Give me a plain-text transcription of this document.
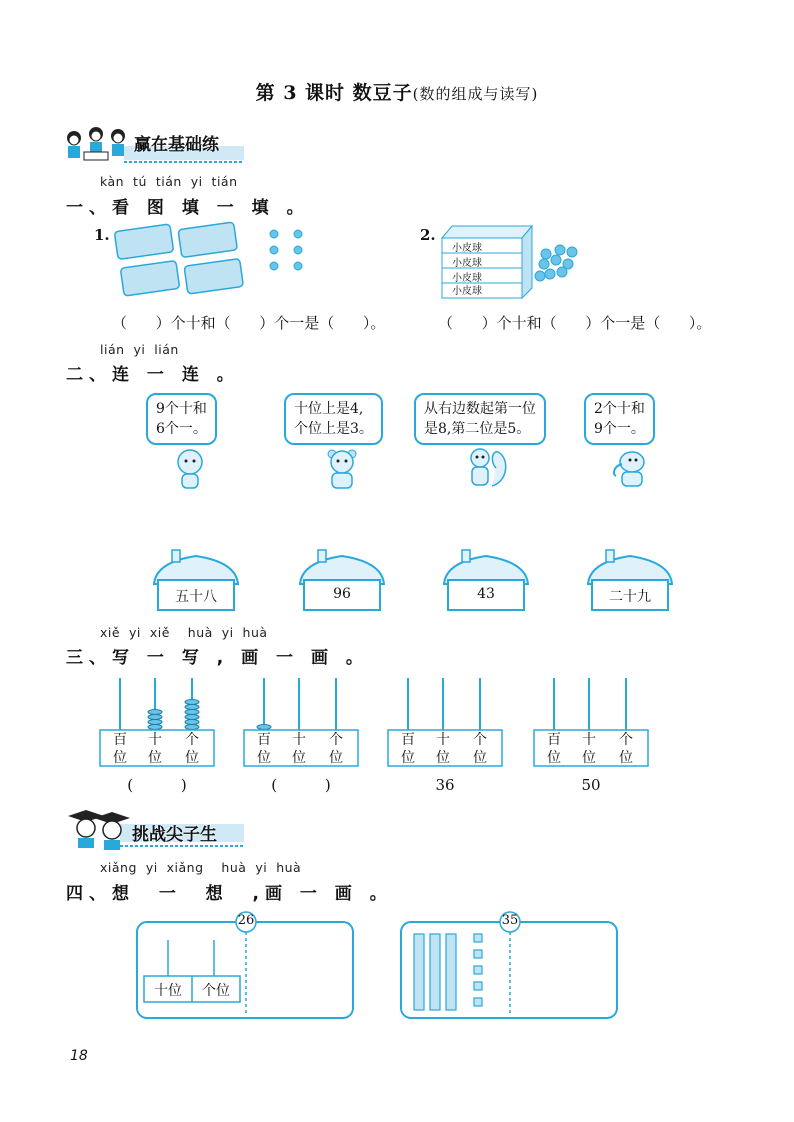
第 3 课时 数豆子(数的组成与读写)
赢在基础练
kàn  tú  tián  yi  tián
一、看 图 填 一 填 。
1.	2.
小皮球
小皮球
小皮球
小皮球
（      ）个十和（      ）个一是（      ）。	（      ）个十和（      ）个一是（      ）。
lián  yi  lián
二、连 一 连 。
9个十和
6个一。
十位上是4,
个位上是3。
从右边数起第一位
是8,第二位是5。
2个十和
9个一。
五十八	96	43	二十九
xiě  yi  xiě    huà  yi  huà
三、写 一 写 , 画 一 画 。
百
位
十
位
个
位
(          )
百
位
十
位
个
位
(          )
百
位
十
位
个
位
36
百
位
十
位
个
位
50
挑战尖子生
xiǎng  yi  xiǎng    huà  yi  huà
四、想  一  想  ,画 一 画 。
26
十位	个位
35
18
